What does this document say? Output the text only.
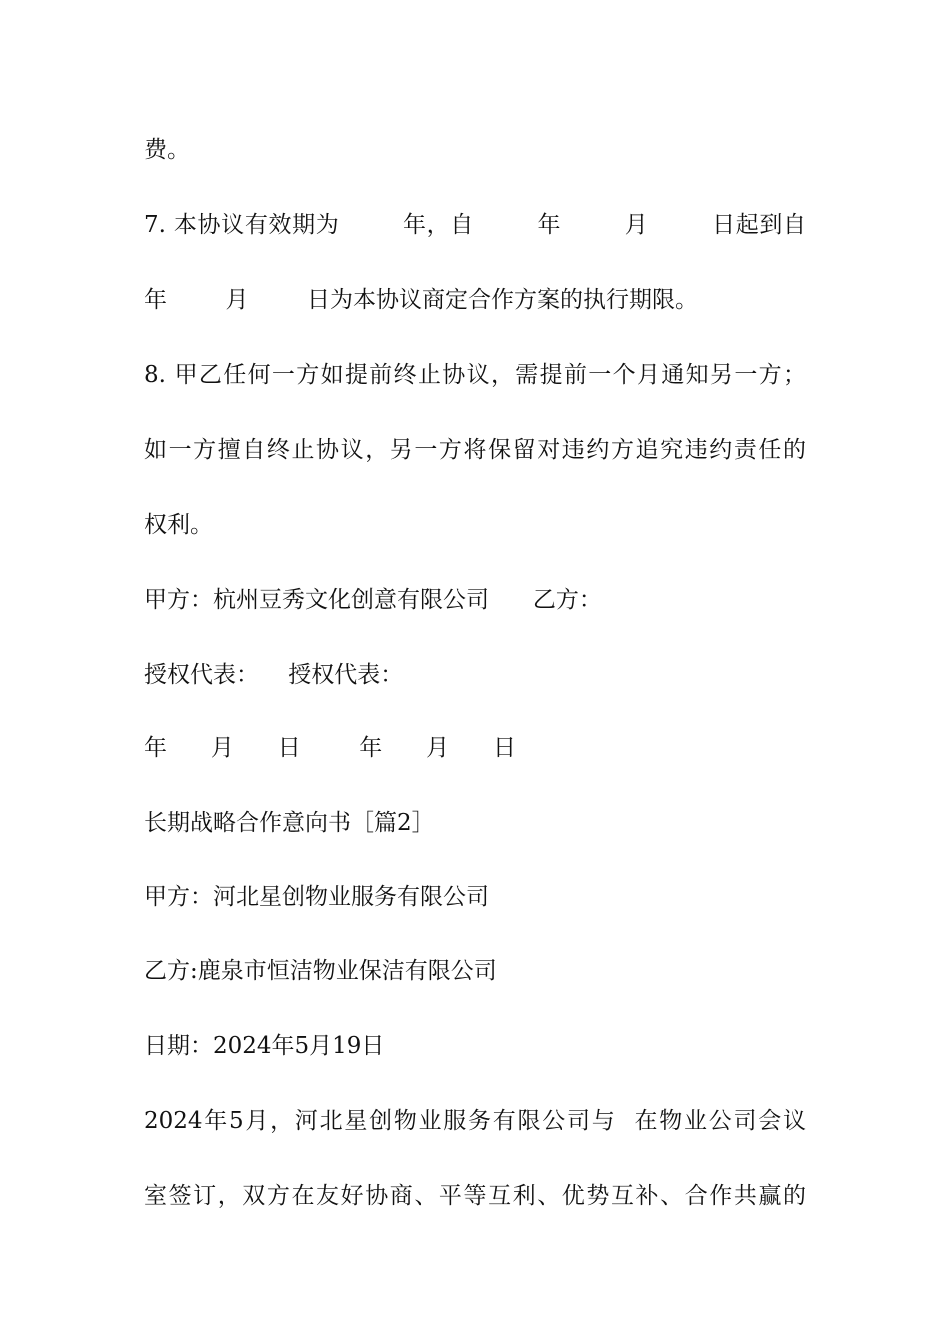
费。
7. 本协议有效期为        年，自        年        月        日起到自
年        月        日为本协议商定合作方案的执行期限。
8. 甲乙任何一方如提前终止协议，需提前一个月通知另一方；
如一方擅自终止协议，另一方将保留对违约方追究违约责任的
权利。
甲方：杭州豆秀文化创意有限公司      乙方：
授权代表：    授权代表：
年      月      日        年      月      日
长期战略合作意向书［篇2］
甲方：河北星创物业服务有限公司
乙方:鹿泉市恒洁物业保洁有限公司
日期：2024年5月19日
2024年5月，河北星创物业服务有限公司与  在物业公司会议
室签订，双方在友好协商、平等互利、优势互补、合作共赢的
